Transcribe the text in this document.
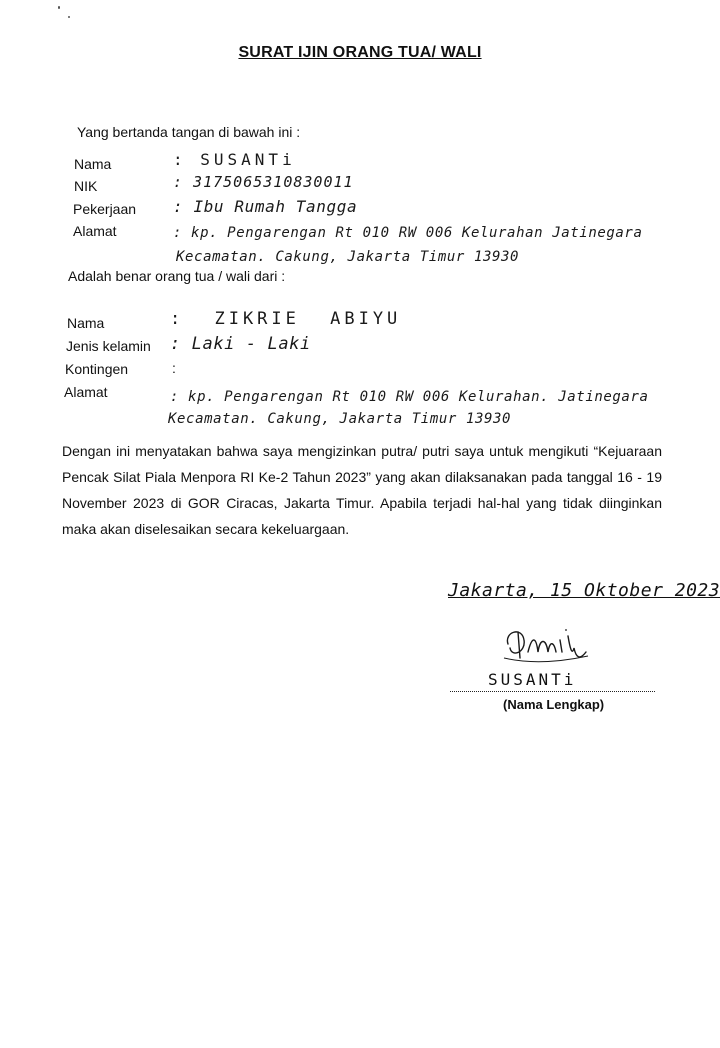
SURAT IJIN ORANG TUA/ WALI
Yang bertanda tangan di bawah ini :
Nama	: SUSANTi
NIK	: 3175065310830011
Pekerjaan : Ibu Rumah Tangga
Alamat	: kp. Pengarengan Rt 010 RW 006 Kelurahan Jatinegara
Kecamatan. Cakung, Jakarta Timur 13930
Adalah benar orang tua / wali dari :
Nama	: ZIKRIE ABIYU
Jenis kelamin : Laki - Laki
Kontingen	:
Alamat	: kp. Pengarengan Rt 010 RW 006 Kelurahan. Jatinegara
Kecamatan. Cakung, Jakarta Timur 13930
Dengan ini menyatakan bahwa saya mengizinkan putra/ putri saya untuk mengikuti “Kejuaraan Pencak Silat Piala Menpora RI Ke-2 Tahun 2023” yang akan dilaksanakan pada tanggal 16 - 19 November 2023 di GOR Ciracas, Jakarta Timur. Apabila terjadi hal-hal yang tidak diinginkan maka akan diselesaikan secara kekeluargaan.
Jakarta, 15 Oktober 2023
SUSANTi
(Nama Lengkap)
